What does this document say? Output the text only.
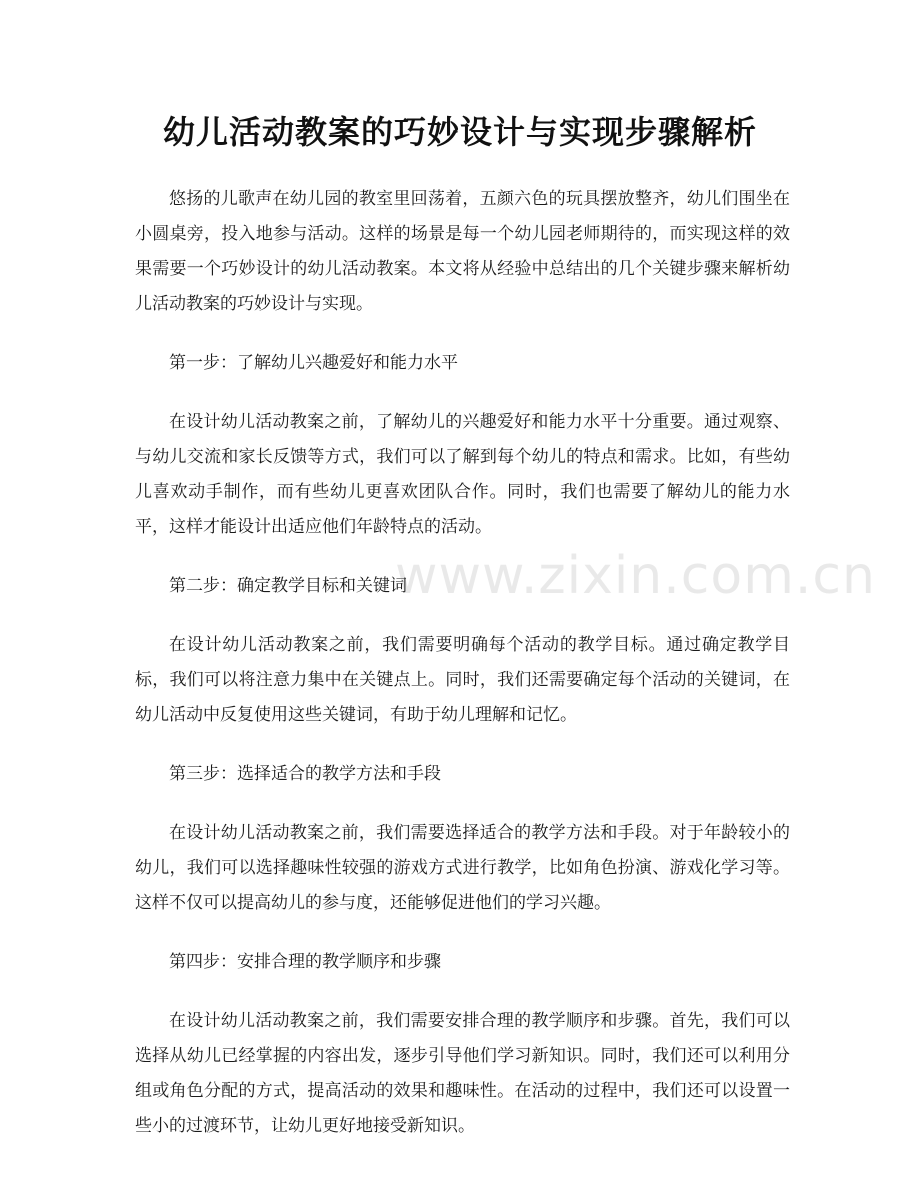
幼儿活动教案的巧妙设计与实现步骤解析

悠扬的儿歌声在幼儿园的教室里回荡着，五颜六色的玩具摆放整齐，幼儿们围坐在小圆桌旁，投入地参与活动。这样的场景是每一个幼儿园老师期待的，而实现这样的效果需要一个巧妙设计的幼儿活动教案。本文将从经验中总结出的几个关键步骤来解析幼儿活动教案的巧妙设计与实现。

第一步：了解幼儿兴趣爱好和能力水平

在设计幼儿活动教案之前，了解幼儿的兴趣爱好和能力水平十分重要。通过观察、与幼儿交流和家长反馈等方式，我们可以了解到每个幼儿的特点和需求。比如，有些幼儿喜欢动手制作，而有些幼儿更喜欢团队合作。同时，我们也需要了解幼儿的能力水平，这样才能设计出适应他们年龄特点的活动。

第二步：确定教学目标和关键词

在设计幼儿活动教案之前，我们需要明确每个活动的教学目标。通过确定教学目标，我们可以将注意力集中在关键点上。同时，我们还需要确定每个活动的关键词，在幼儿活动中反复使用这些关键词，有助于幼儿理解和记忆。

第三步：选择适合的教学方法和手段

在设计幼儿活动教案之前，我们需要选择适合的教学方法和手段。对于年龄较小的幼儿，我们可以选择趣味性较强的游戏方式进行教学，比如角色扮演、游戏化学习等。这样不仅可以提高幼儿的参与度，还能够促进他们的学习兴趣。

第四步：安排合理的教学顺序和步骤

在设计幼儿活动教案之前，我们需要安排合理的教学顺序和步骤。首先，我们可以选择从幼儿已经掌握的内容出发，逐步引导他们学习新知识。同时，我们还可以利用分组或角色分配的方式，提高活动的效果和趣味性。在活动的过程中，我们还可以设置一些小的过渡环节，让幼儿更好地接受新知识。

www.zixin.com.cn
